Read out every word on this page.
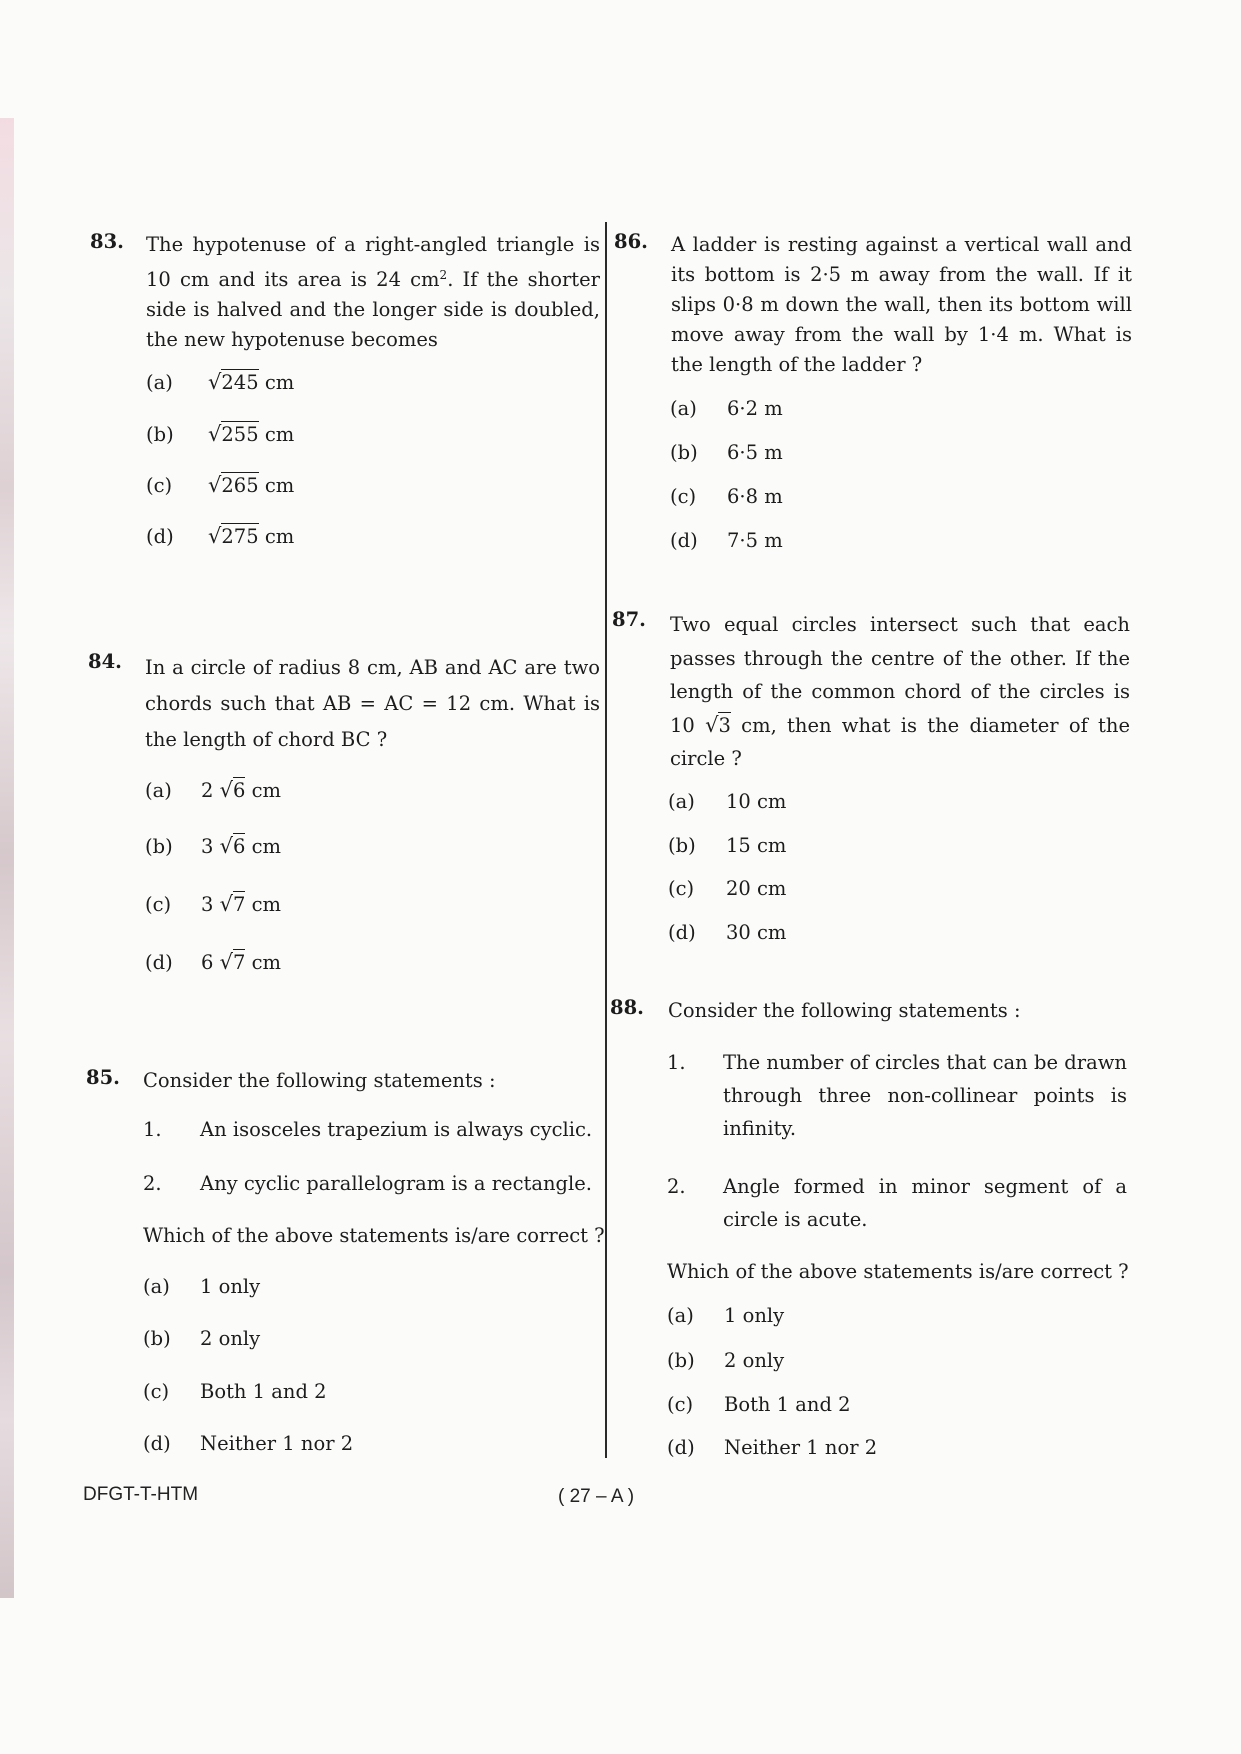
83. The hypotenuse of a right-angled triangle is 10 cm and its area is 24 $cm^2$. If the shorter side is halved and the longer side is doubled, the new hypotenuse becomes
(a) √245 cm
(b) √255 cm
(c) √265 cm
(d) √275 cm
84. In a circle of radius 8 cm, AB and AC are two chords such that AB = AC = 12 cm. What is the length of chord BC ?
(a) 2 √6 cm
(b) 3 √6 cm
(c) 3 √7 cm
(d) 6 √7 cm
85. Consider the following statements :
1. An isosceles trapezium is always cyclic.
2. Any cyclic parallelogram is a rectangle.
Which of the above statements is/are correct ?
(a) 1 only
(b) 2 only
(c) Both 1 and 2
(d) Neither 1 nor 2
86. A ladder is resting against a vertical wall and its bottom is 2·5 m away from the wall. If it slips 0·8 m down the wall, then its bottom will move away from the wall by 1·4 m. What is the length of the ladder ?
(a) 6·2 m
(b) 6·5 m
(c) 6·8 m
(d) 7·5 m
87. Two equal circles intersect such that each passes through the centre of the other. If the length of the common chord of the circles is 10 √3 cm, then what is the diameter of the circle ?
(a) 10 cm
(b) 15 cm
(c) 20 cm
(d) 30 cm
88. Consider the following statements :
1. The number of circles that can be drawn through three non-collinear points is infinity.
2. Angle formed in minor segment of a circle is acute.
Which of the above statements is/are correct ?
(a) 1 only
(b) 2 only
(c) Both 1 and 2
(d) Neither 1 nor 2
DFGT-T-HTM	( 27 – A )
